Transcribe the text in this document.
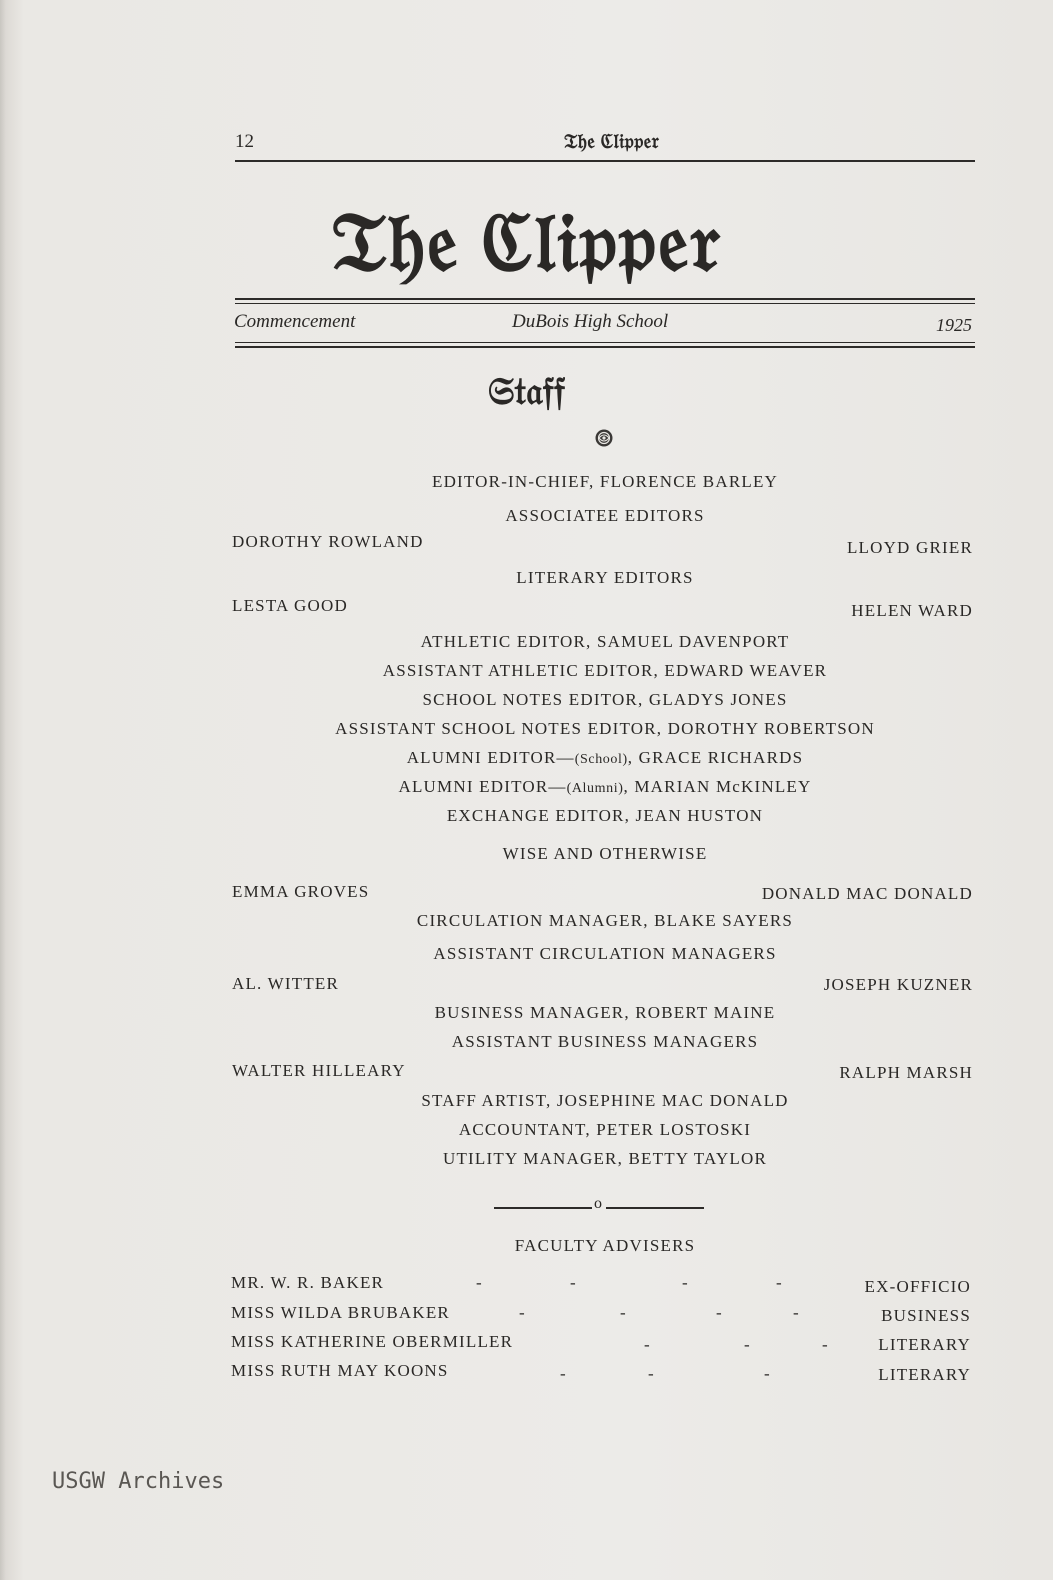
12	𝔗𝔥𝔢 ℭ𝔩𝔦𝔭𝔭𝔢𝔯
𝔗𝔥𝔢 ℭ𝔩𝔦𝔭𝔭𝔢𝔯
Commencement	DuBois High School	1925
𝔖𝔱𝔞𝔣𝔣
EDITOR-IN-CHIEF, FLORENCE BARLEY
ASSOCIATEE EDITORS
DOROTHY ROWLAND	LLOYD GRIER
LITERARY EDITORS
LESTA GOOD	HELEN WARD
ATHLETIC EDITOR, SAMUEL DAVENPORT
ASSISTANT ATHLETIC EDITOR, EDWARD WEAVER
SCHOOL NOTES EDITOR, GLADYS JONES
ASSISTANT SCHOOL NOTES EDITOR, DOROTHY ROBERTSON
ALUMNI EDITOR—(School), GRACE RICHARDS
ALUMNI EDITOR—(Alumni), MARIAN McKINLEY
EXCHANGE EDITOR, JEAN HUSTON
WISE AND OTHERWISE
EMMA GROVES	DONALD MAC DONALD
CIRCULATION MANAGER, BLAKE SAYERS
ASSISTANT CIRCULATION MANAGERS
AL. WITTER	JOSEPH KUZNER
BUSINESS MANAGER, ROBERT MAINE
ASSISTANT BUSINESS MANAGERS
WALTER HILLEARY	RALPH MARSH
STAFF ARTIST, JOSEPHINE MAC DONALD
ACCOUNTANT, PETER LOSTOSKI
UTILITY MANAGER, BETTY TAYLOR
o
FACULTY ADVISERS
MR. W. R. BAKER	-	-	-	-	EX-OFFICIO
MISS WILDA BRUBAKER	-	-	-	-	BUSINESS
MISS KATHERINE OBERMILLER	-	-	-	LITERARY
MISS RUTH MAY KOONS	-	-	-	LITERARY
USGW Archives
